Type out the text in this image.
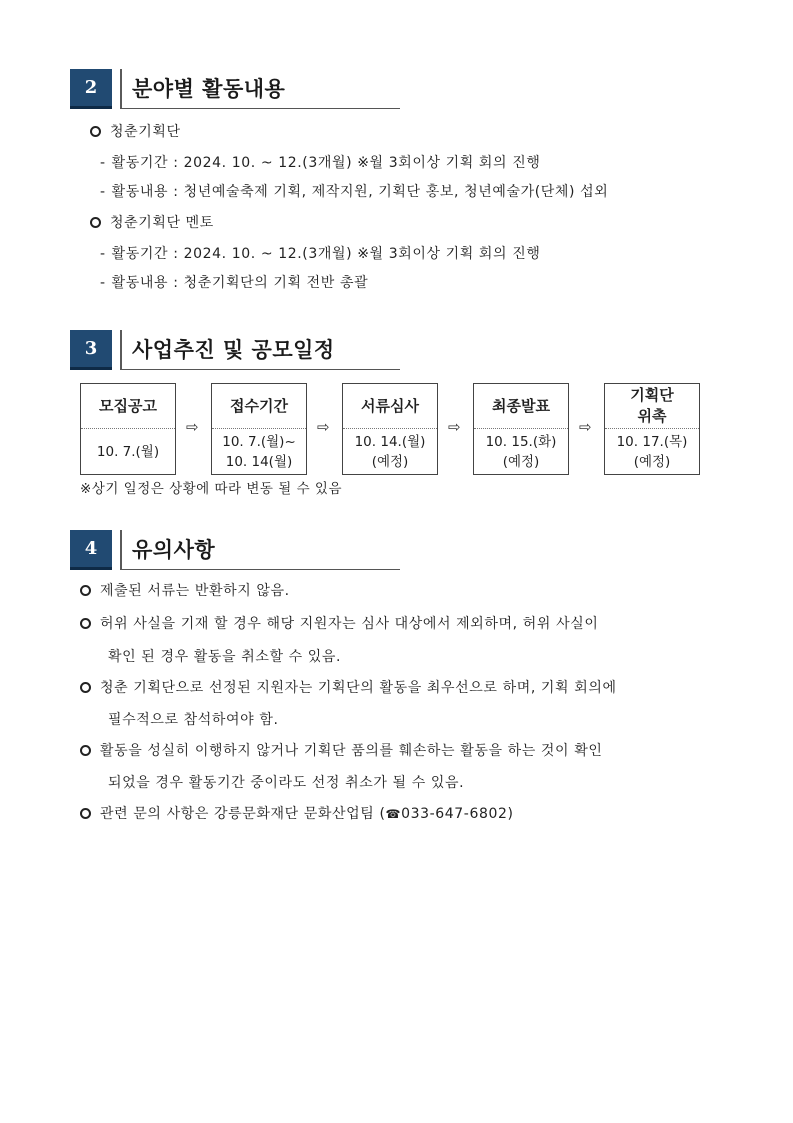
2	분야별 활동내용
청춘기획단
- 활동기간 : 2024. 10. ~ 12.(3개월) ※월 3회이상 기획 회의 진행
- 활동내용 : 청년예술축제 기획, 제작지원, 기획단 홍보, 청년예술가(단체) 섭외
청춘기획단 멘토
- 활동기간 : 2024. 10. ~ 12.(3개월) ※월 3회이상 기획 회의 진행
- 활동내용 : 청춘기획단의 기획 전반 총괄
3	사업추진 및 공모일정
모집공고
10. 7.(월)
⇨
접수기간
10. 7.(월)~
10. 14(월)
⇨
서류심사
10. 14.(월)
(예정)
⇨
최종발표
10. 15.(화)
(예정)
⇨
기획단 위촉
10. 17.(목)
(예정)
※상기 일정은 상황에 따라 변동 될 수 있음
4	유의사항
제출된 서류는 반환하지 않음.
허위 사실을 기재 할 경우 해당 지원자는 심사 대상에서 제외하며, 허위 사실이
확인 된 경우 활동을 취소할 수 있음.
청춘 기획단으로 선정된 지원자는 기획단의 활동을 최우선으로 하며, 기획 회의에
필수적으로 참석하여야 함.
활동을 성실히 이행하지 않거나 기획단 품의를 훼손하는 활동을 하는 것이 확인
되었을 경우 활동기간 중이라도 선정 취소가 될 수 있음.
관련 문의 사항은 강릉문화재단 문화산업팀 (☎033-647-6802)
